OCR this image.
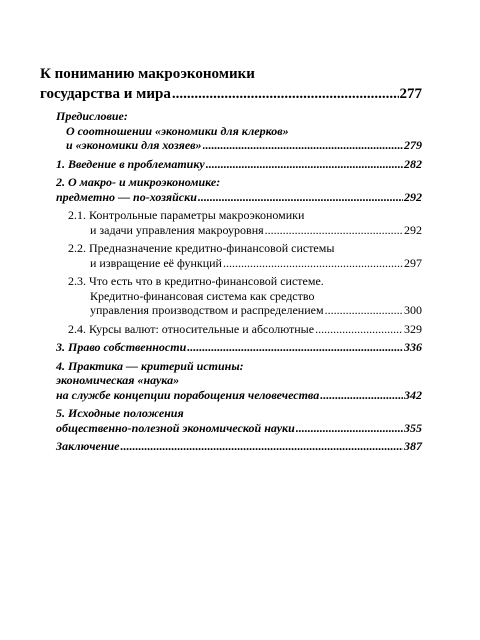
К пониманию макроэкономики
государства и мира .....	277
Предисловие:
О соотношении «экономики для клерков»
и «экономики для хозяев» .....	279
1. Введение в проблематику .....	282
2. О макро- и микроэкономике:
предметно — по-хозяйски .....	292
2.1. Контрольные параметры макроэкономики
и задачи управления макроуровня .....	292
2.2. Предназначение кредитно-финансовой системы
и извращение её функций .....	297
2.3. Что есть что в кредитно-финансовой системе.
Кредитно-финансовая система как средство
управления производством и распределением .....	300
2.4. Курсы валют: относительные и абсолютные .....	329
3. Право собственности .....	336
4. Практика — критерий истины:
экономическая «наука»
на службе концепции порабощения человечества .....	342
5. Исходные положения
общественно-полезной экономической науки .....	355
Заключение .....	387
